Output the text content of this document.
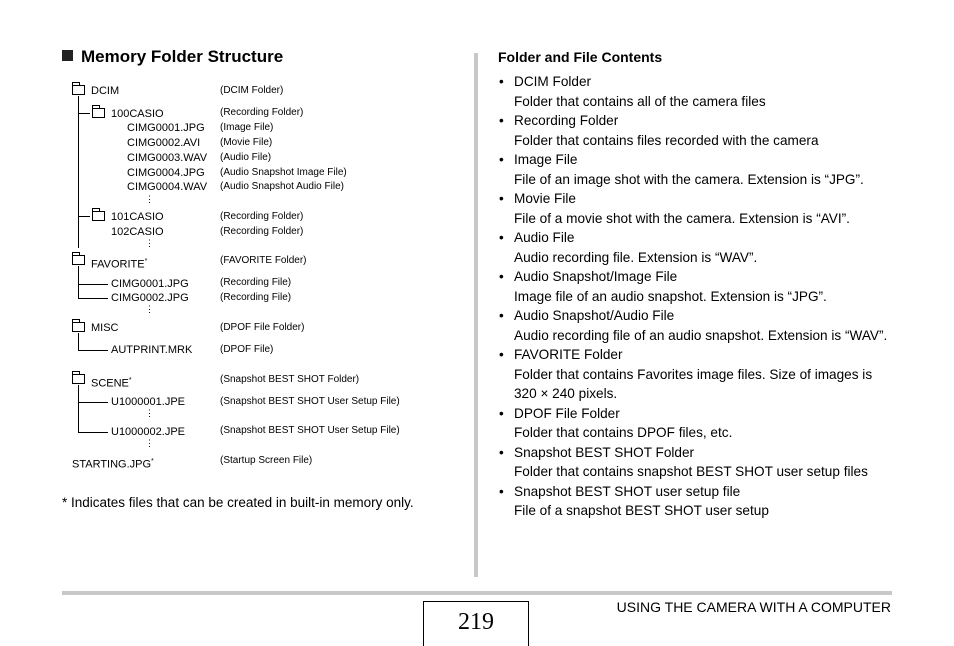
Memory Folder Structure
DCIM	(DCIM Folder)
100CASIO	(Recording Folder)
CIMG0001.JPG (Image File)
CIMG0002.AVI (Movie File)
CIMG0003.WAV (Audio File)
CIMG0004.JPG (Audio Snapshot Image File)
CIMG0004.WAV (Audio Snapshot Audio File)
⋮
101CASIO	(Recording Folder)
102CASIO	(Recording Folder)
⋮
FAVORITE*	(FAVORITE Folder)
CIMG0001.JPG	(Recording File)
CIMG0002.JPG	(Recording File)
⋮
MISC	(DPOF File Folder)
AUTPRINT.MRK	(DPOF File)
SCENE*	(Snapshot BEST SHOT Folder)
U1000001.JPE	(Snapshot BEST SHOT User Setup File)
⋮
U1000002.JPE	(Snapshot BEST SHOT User Setup File)
⋮
STARTING.JPG*	(Startup Screen File)
* Indicates files that can be created in built-in memory only.
Folder and File Contents
• DCIM Folder
Folder that contains all of the camera files
• Recording Folder
Folder that contains files recorded with the camera
• Image File
File of an image shot with the camera. Extension is “JPG”.
• Movie File
File of a movie shot with the camera. Extension is “AVI”.
• Audio File
Audio recording file. Extension is “WAV”.
• Audio Snapshot/Image File
Image file of an audio snapshot. Extension is “JPG”.
• Audio Snapshot/Audio File
Audio recording file of an audio snapshot. Extension is “WAV”.
• FAVORITE Folder
Folder that contains Favorites image files. Size of images is 320 × 240 pixels.
• DPOF File Folder
Folder that contains DPOF files, etc.
• Snapshot BEST SHOT Folder
Folder that contains snapshot BEST SHOT user setup files
• Snapshot BEST SHOT user setup file
File of a snapshot BEST SHOT user setup
219
USING THE CAMERA WITH A COMPUTER
